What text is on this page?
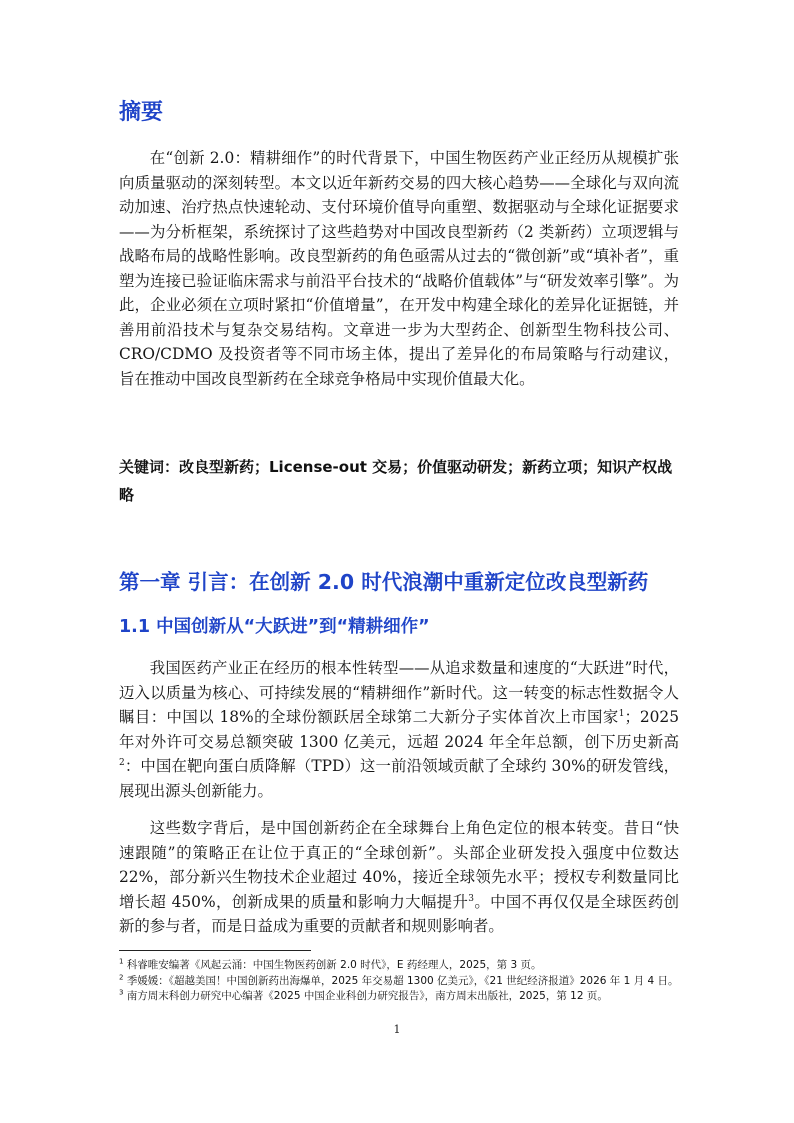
摘要

在“创新 2.0：精耕细作”的时代背景下，中国生物医药产业正经历从规模扩张向质量驱动的深刻转型。本文以近年新药交易的四大核心趋势——全球化与双向流动加速、治疗热点快速轮动、支付环境价值导向重塑、数据驱动与全球化证据要求——为分析框架，系统探讨了这些趋势对中国改良型新药（2 类新药）立项逻辑与战略布局的战略性影响。改良型新药的角色亟需从过去的“微创新”或“填补者”，重塑为连接已验证临床需求与前沿平台技术的“战略价值载体”与“研发效率引擎”。为此，企业必须在立项时紧扣“价值增量”，在开发中构建全球化的差异化证据链，并善用前沿技术与复杂交易结构。文章进一步为大型药企、创新型生物科技公司、CRO/CDMO 及投资者等不同市场主体，提出了差异化的布局策略与行动建议，旨在推动中国改良型新药在全球竞争格局中实现价值最大化。

关键词：改良型新药；License-out 交易；价值驱动研发；新药立项；知识产权战略

第一章 引言：在创新 2.0 时代浪潮中重新定位改良型新药
1.1 中国创新从“大跃进”到“精耕细作”

我国医药产业正在经历的根本性转型——从追求数量和速度的“大跃进”时代，迈入以质量为核心、可持续发展的“精耕细作”新时代。这一转变的标志性数据令人瞩目：中国以 18%的全球份额跃居全球第二大新分子实体首次上市国家$^1$；2025 年对外许可交易总额突破 1300 亿美元，远超 2024 年全年总额，创下历史新高$^2$：中国在靶向蛋白质降解（TPD）这一前沿领域贡献了全球约 30%的研发管线，展现出源头创新能力。

这些数字背后，是中国创新药企在全球舞台上角色定位的根本转变。昔日“快速跟随”的策略正在让位于真正的“全球创新”。头部企业研发投入强度中位数达 22%，部分新兴生物技术企业超过 40%，接近全球领先水平；授权专利数量同比增长超 450%，创新成果的质量和影响力大幅提升$^3$。中国不再仅仅是全球医药创新的参与者，而是日益成为重要的贡献者和规则影响者。

$^1$ 科睿唯安编著《风起云涌：中国生物医药创新 2.0 时代》，E 药经理人，2025，第 3 页。

$^2$ 季媛媛：《超越美国！中国创新药出海爆单，2025 年交易超 1300 亿美元》，《21 世纪经济报道》2026 年 1 月 4 日。

$^3$ 南方周末科创力研究中心编著《2025 中国企业科创力研究报告》，南方周末出版社，2025，第 12 页。

1
